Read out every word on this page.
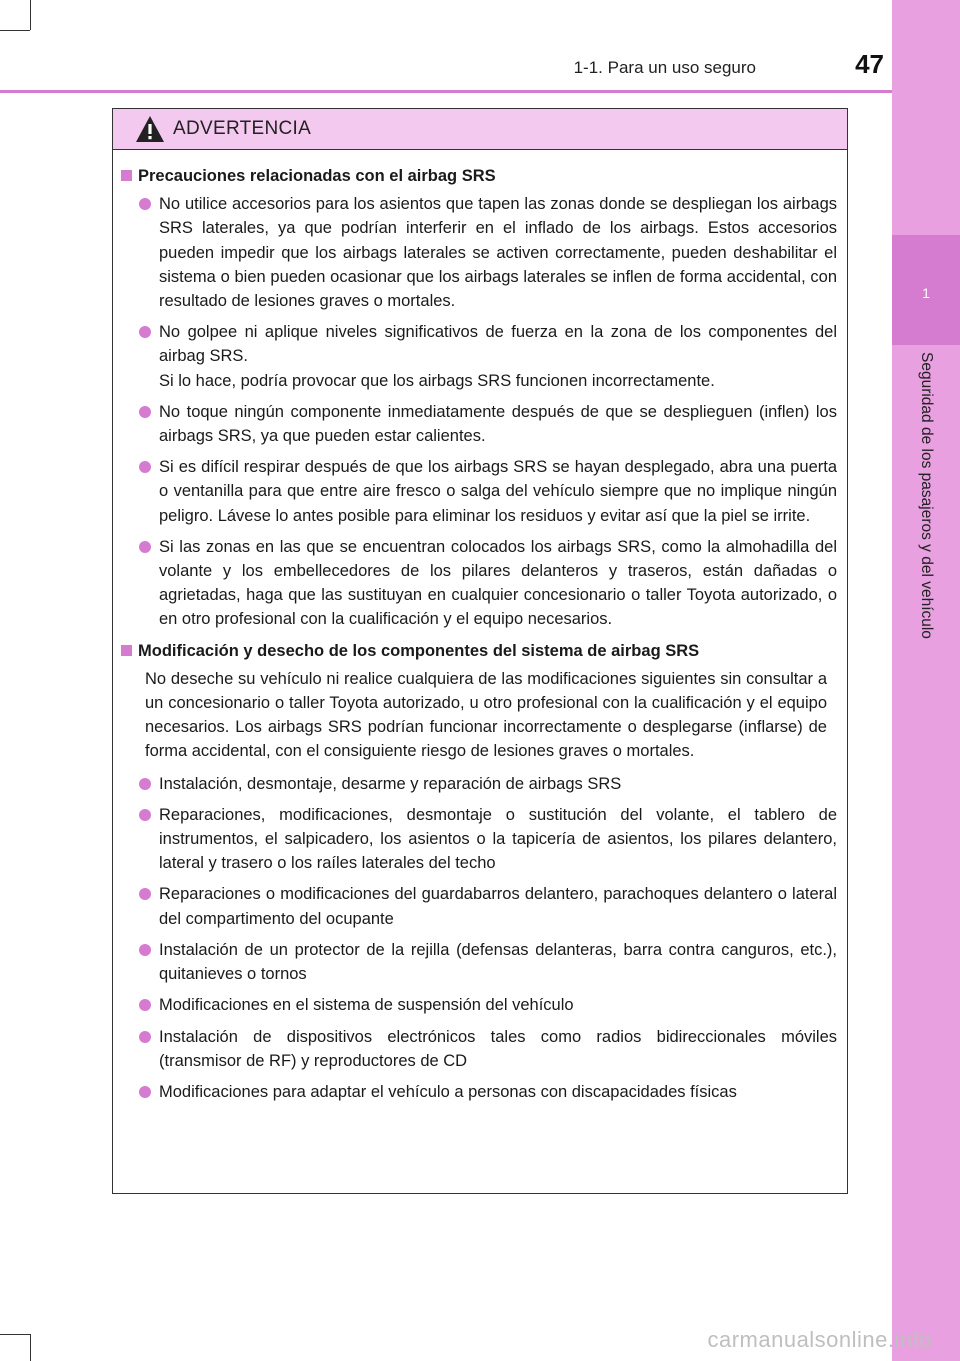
1-1. Para un uso seguro	47
1
Seguridad de los pasajeros y del vehículo
ADVERTENCIA
Precauciones relacionadas con el airbag SRS
No utilice accesorios para los asientos que tapen las zonas donde se despliegan los airbags SRS laterales, ya que podrían interferir en el inflado de los airbags. Estos accesorios pueden impedir que los airbags laterales se activen correctamente, pueden deshabilitar el sistema o bien pueden ocasionar que los airbags laterales se inflen de forma accidental, con resultado de lesiones graves o mortales.
No golpee ni aplique niveles significativos de fuerza en la zona de los componentes del airbag SRS.
Si lo hace, podría provocar que los airbags SRS funcionen incorrectamente.
No toque ningún componente inmediatamente después de que se desplieguen (inflen) los airbags SRS, ya que pueden estar calientes.
Si es difícil respirar después de que los airbags SRS se hayan desplegado, abra una puerta o ventanilla para que entre aire fresco o salga del vehículo siempre que no implique ningún peligro. Lávese lo antes posible para eliminar los residuos y evitar así que la piel se irrite.
Si las zonas en las que se encuentran colocados los airbags SRS, como la almohadilla del volante y los embellecedores de los pilares delanteros y traseros, están dañadas o agrietadas, haga que las sustituyan en cualquier concesionario o taller Toyota autorizado, o en otro profesional con la cualificación y el equipo necesarios.
Modificación y desecho de los componentes del sistema de airbag SRS
No deseche su vehículo ni realice cualquiera de las modificaciones siguientes sin consultar a un concesionario o taller Toyota autorizado, u otro profesional con la cualificación y el equipo necesarios. Los airbags SRS podrían funcionar incorrectamente o desplegarse (inflarse) de forma accidental, con el consiguiente riesgo de lesiones graves o mortales.
Instalación, desmontaje, desarme y reparación de airbags SRS
Reparaciones, modificaciones, desmontaje o sustitución del volante, el tablero de instrumentos, el salpicadero, los asientos o la tapicería de asientos, los pilares delantero, lateral y trasero o los raíles laterales del techo
Reparaciones o modificaciones del guardabarros delantero, parachoques delantero o lateral del compartimento del ocupante
Instalación de un protector de la rejilla (defensas delanteras, barra contra canguros, etc.), quitanieves o tornos
Modificaciones en el sistema de suspensión del vehículo
Instalación de dispositivos electrónicos tales como radios bidireccionales móviles (transmisor de RF) y reproductores de CD
Modificaciones para adaptar el vehículo a personas con discapacidades físicas
carmanualsonline.info
